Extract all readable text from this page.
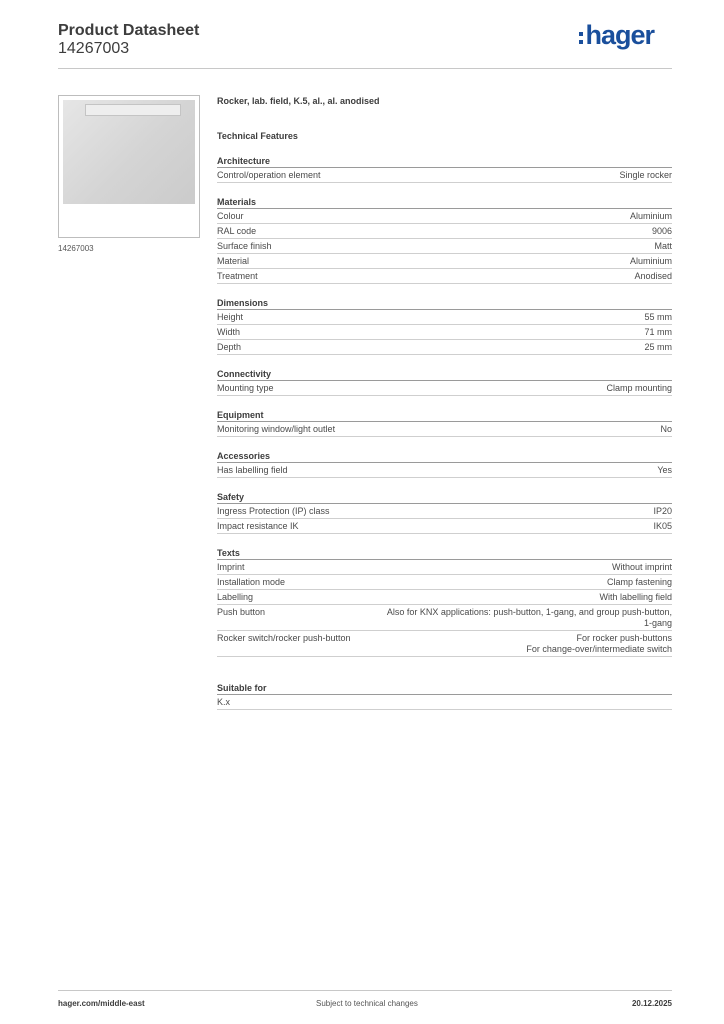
Product Datasheet
14267003	hager
14267003
Rocker, lab. field, K.5, al., al. anodised
Technical Features
Architecture
Control/operation element	Single rocker
Materials
Colour	Aluminium
RAL code	9006
Surface finish	Matt
Material	Aluminium
Treatment	Anodised
Dimensions
Height	55 mm
Width	71 mm
Depth	25 mm
Connectivity
Mounting type	Clamp mounting
Equipment
Monitoring window/light outlet	No
Accessories
Has labelling field	Yes
Safety
Ingress Protection (IP) class	IP20
Impact resistance IK	IK05
Texts
Imprint	Without imprint
Installation mode	Clamp fastening
Labelling	With labelling field
Push button	Also for KNX applications: push-button, 1-gang, and group push-button,
1-gang
Rocker switch/rocker push-button	For rocker push-buttons
For change-over/intermediate switch
Suitable for
K.x
hager.com/middle-east	Subject to technical changes	20.12.2025
